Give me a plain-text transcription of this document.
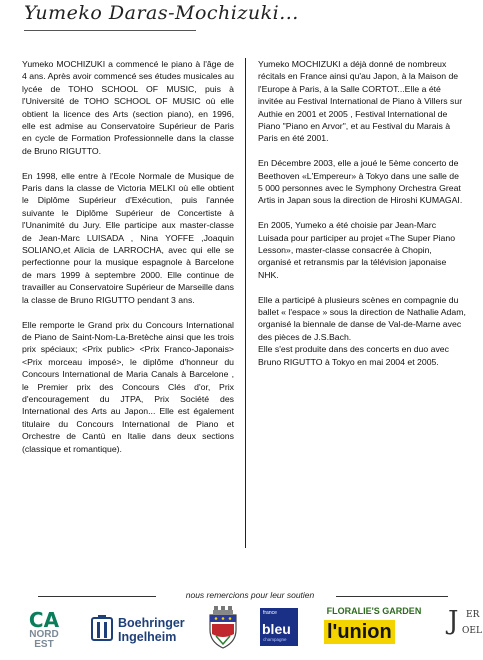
Yumeko Daras-Mochizuki...

Yumeko MOCHIZUKI a commencé le piano à l'âge de 4 ans. Après avoir commencé ses études musicales au lycée de TOHO SCHOOL OF MUSIC, puis à l'Université de TOHO SCHOOL OF MUSIC où elle obtient la licence des Arts (section piano), en 1996, elle est admise au Conservatoire Supérieur de Paris en cycle de Formation Professionnelle dans la classe de Bruno RIGUTTO.

En 1998, elle entre à l'Ecole Normale de Musique de Paris dans la classe de Victoria MELKI où elle obtient le Diplôme Supérieur d'Exécution, puis l'année suivante le Diplôme Supérieur de Concertiste à l'Unanimité du Jury. Elle participe aux master-classe de Jean-Marc LUISADA , Nina YOFFE ,Joaquin SOLIANO,et Alicia de LARROCHA, avec qui elle se perfectionne pour la musique espagnole à Barcelone de mars 1999 à septembre 2000. Elle continue de travailler au Conservatoire Supérieur de Marseille dans la classe de Bruno RIGUTTO pendant 3 ans.

Elle remporte le Grand prix du Concours International de Piano de Saint-Nom-La-Bretèche ainsi que les trois prix spéciaux; <Prix public> <Prix Franco-Japonais> <Prix morceau imposé>, le diplôme d'honneur du Concours International de Maria Canals à Barcelone , le Premier prix des Concours Clés d'or, Prix d'encouragement du JTPA, Prix Société des International des Arts au Japon... Elle est également titulaire du Concours International de Piano et Orchestre de Cantù en Italie dans deux sections (classique et romantique).

Yumeko MOCHIZUKI a déjà donné de nombreux récitals en France ainsi qu'au Japon, à la Maison de l'Europe à Paris, à la Salle CORTOT...Elle a été invitée au Festival International de Piano à Villers sur Authie en 2001 et 2005 , Festival International de Piano "Piano en Arvor", et au Festival du Marais à Paris en été 2001.

En Décembre 2003, elle a joué le 5ème concerto de Beethoven «L'Empereur» à Tokyo dans une salle de 5 000 personnes avec le Symphony Orchestra Great Artis in Japan sous la direction de Hiroshi KUMAGAI.

En 2005, Yumeko a été choisie par Jean-Marc Luisada pour participer au projet «The Super Piano Lesson», master-classe consacrée à Chopin, organisé et retransmis par la télévision japonaise NHK.

Elle a participé à plusieurs scènes en compagnie du ballet « l'espace » sous la direction de Nathalie Adam, organisé la biennale de danse de Val-de-Marne avec des pièces de J.S.Bach.

Elle s'est produite dans des concerts en duo avec Bruno RIGUTTO à Tokyo en mai 2004 et 2005.

nous remercions pour leur soutien
CA
NORD
EST
Boehringer
Ingelheim
france
bleu
champagne
FLORALIE'S GARDEN
l'union J ER
OEL
